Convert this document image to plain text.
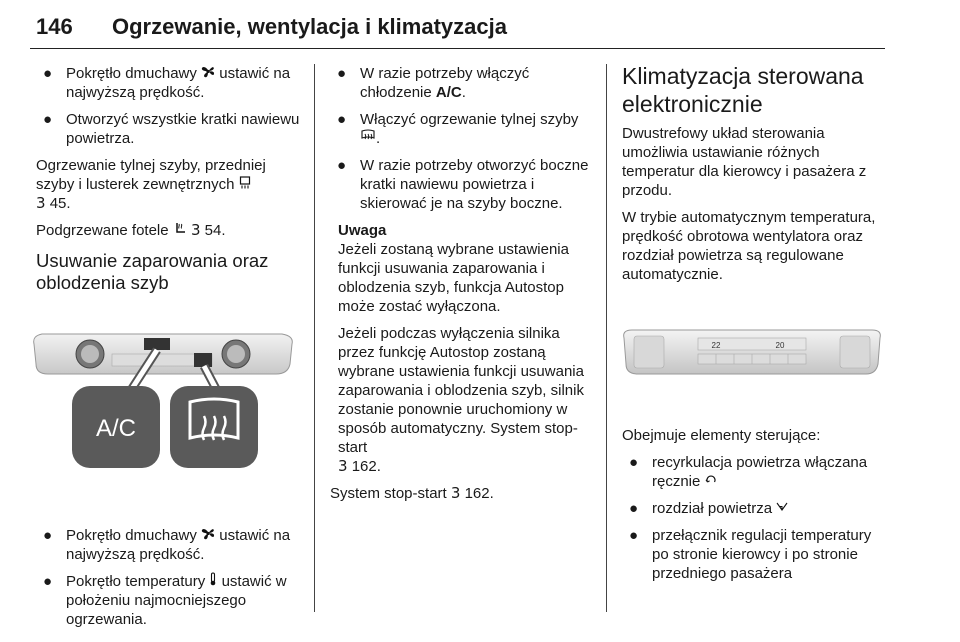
146 Ogrzewanie, wentylacja i klimatyzacja
● Pokrętło dmuchawy ustawić na najwyższą prędkość.
● Otworzyć wszystkie kratki nawiewu powietrza.

Ogrzewanie tylnej szyby, przedniej szyby i lusterek zewnętrznych
3 45.

Podgrzewane fotele 3 54.

Usuwanie zaparowania oraz oblodzenia szyb
A/C
● Pokrętło dmuchawy ustawić na najwyższą prędkość.
● Pokrętło temperatury ustawić w położeniu najmocniejszego ogrzewania.
● W razie potrzeby włączyć chłodzenie A/C.
● Włączyć ogrzewanie tylnej szyby .
● W razie potrzeby otworzyć boczne kratki nawiewu powietrza i skierować je na szyby boczne.

Uwaga

Jeżeli zostaną wybrane ustawienia funkcji usuwania zaparowania i oblodzenia szyb, funkcja Autostop może zostać wyłączona.

Jeżeli podczas wyłączenia silnika przez funkcję Autostop zostaną wybrane ustawienia funkcji usuwania zaparowania i oblodzenia szyb, silnik zostanie ponownie uruchomiony w sposób automatyczny. System stop-start
3 162.

System stop-start 3 162.

Klimatyzacja sterowana elektronicznie

Dwustrefowy układ sterowania umożliwia ustawianie różnych temperatur dla kierowcy i pasażera z przodu.

W trybie automatycznym temperatura, prędkość obrotowa wentylatora oraz rozdział powietrza są regulowane automatycznie.

22	20

Obejmuje elementy sterujące:

● recyrkulacja powietrza włączana ręcznie
● rozdział powietrza
● przełącznik regulacji temperatury po stronie kierowcy i po stronie przedniego pasażera
